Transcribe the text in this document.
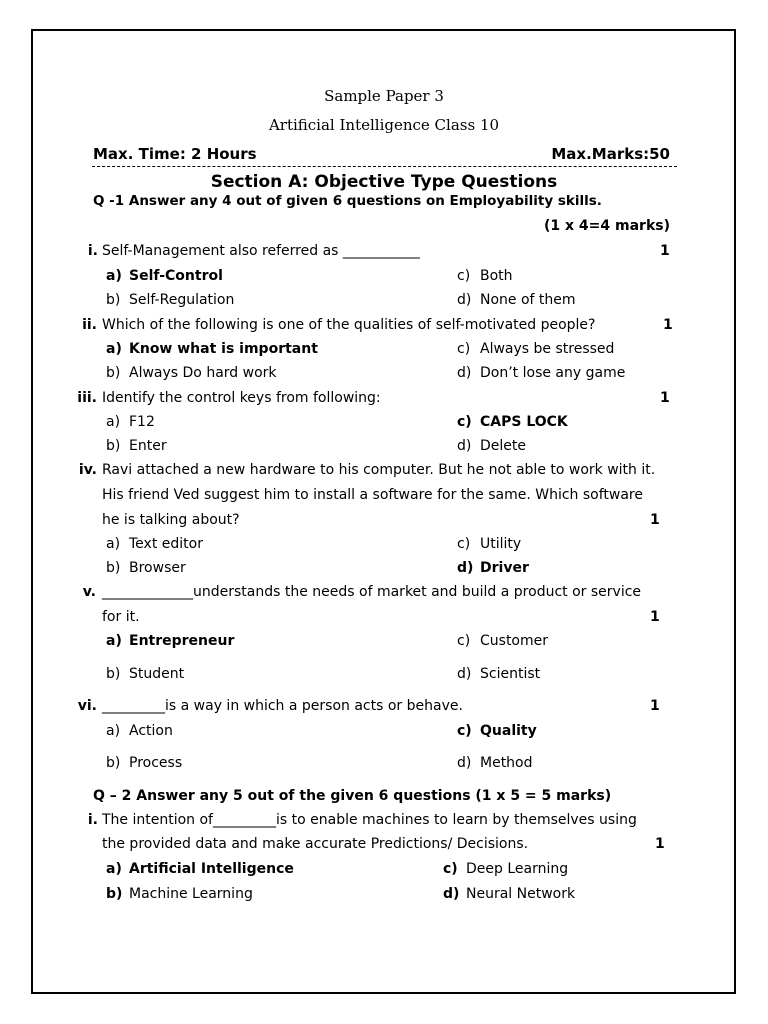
Sample Paper 3
Artificial Intelligence Class 10
Max. Time: 2 Hours	Max.Marks:50
Section A: Objective Type Questions
Q -1 Answer any 4 out of given 6 questions on Employability skills.
(1 x 4=4 marks)
i. Self-Management also referred as ___________	1
a) Self-Control
b) Self-Regulation
c) Both
d) None of them
ii. Which of the following is one of the qualities of self-motivated people?	1
a) Know what is important
b) Always Do hard work
c) Always be stressed
d) Don’t lose any game
iii. Identify the control keys from following:	1
a) F12
b) Enter
c) CAPS LOCK
d) Delete
iv. Ravi attached a new hardware to his computer. But he not able to work with it.
His friend Ved suggest him to install a software for the same. Which software
he is talking about?	1
a) Text editor
b) Browser
c) Utility
d) Driver
v. _____________understands the needs of market and build a product or service
for it.	1
a) Entrepreneur
b) Student
c) Customer
d) Scientist
vi. _________is a way in which a person acts or behave.	1
a) Action
b) Process
c) Quality
d) Method
Q – 2 Answer any 5 out of the given 6 questions (1 x 5 = 5 marks)
i. The intention of_________is to enable machines to learn by themselves using
the provided data and make accurate Predictions/ Decisions.	1
a) Artificial Intelligence
b) Machine Learning
c) Deep Learning
d) Neural Network
